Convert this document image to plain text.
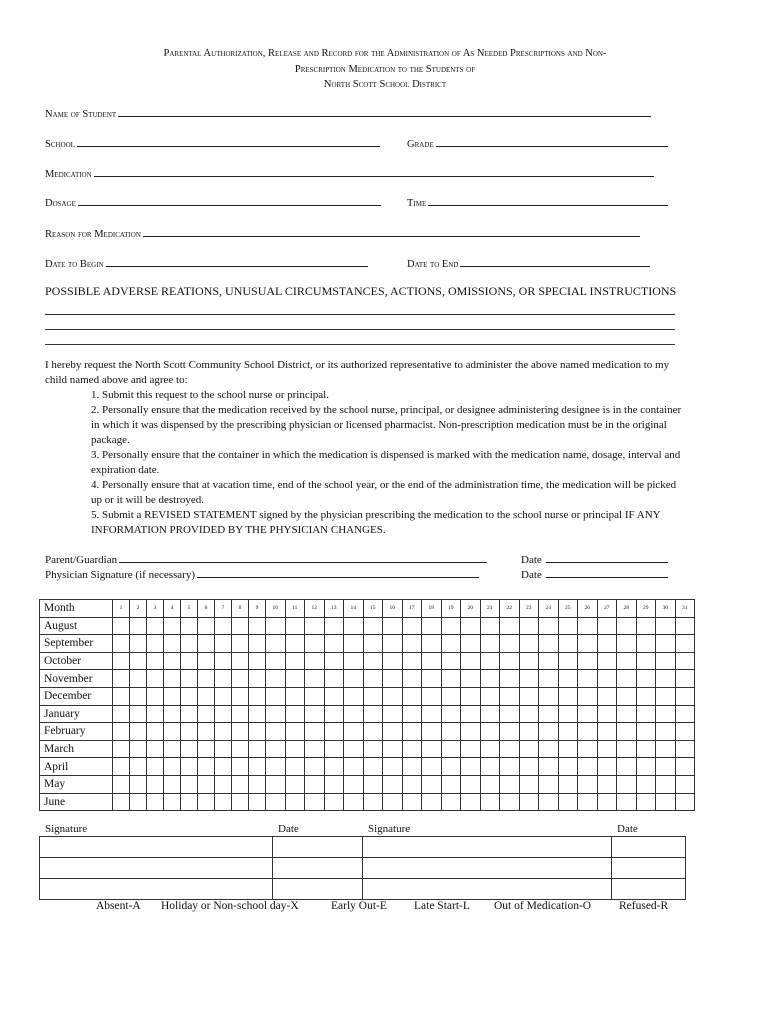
Parental Authorization, Release and Record for the Administration of As Needed Prescriptions and Non-
Prescription Medication to the Students of
North Scott School District
Name of Student
School	Grade
Medication
Dosage	Time
Reason for Medication
Date to Begin	Date to End
POSSIBLE ADVERSE REATIONS, UNUSUAL CIRCUMSTANCES, ACTIONS, OMISSIONS, OR SPECIAL INSTRUCTIONS
I hereby request the North Scott Community School District, or its authorized representative to administer the above named medication to my child named above and agree to:
1. Submit this request to the school nurse or principal.
2. Personally ensure that the medication received by the school nurse, principal, or designee administering designee is in the container in which it was dispensed by the prescribing physician or licensed pharmacist. Non-prescription medication must be in the original package.
3. Personally ensure that the container in which the medication is dispensed is marked with the medication name, dosage, interval and expiration date.
4. Personally ensure that at vacation time, end of the school year, or the end of the administration time, the medication will be picked up or it will be destroyed.
5. Submit a REVISED STATEMENT signed by the physician prescribing the medication to the school nurse or principal IF ANY INFORMATION PROVIDED BY THE PHYSICIAN CHANGES.
Parent/Guardian	Date
Physician Signature (if necessary)	Date
Month	1	2	3	4	5	6	7	8	9	10	11	12	13	14	15	16	17	18	19	20	21	22	23	24	25	26	27	28	29	30	31
August																															
September																															
October																															
November																															
December																															
January																															
February																															
March																															
April																															
May																															
June																															
Signature	Date	Signature	Date

Absent-A Holiday or Non-school day-X	Early Out-E Late Start-L Out of Medication-O Refused-R
